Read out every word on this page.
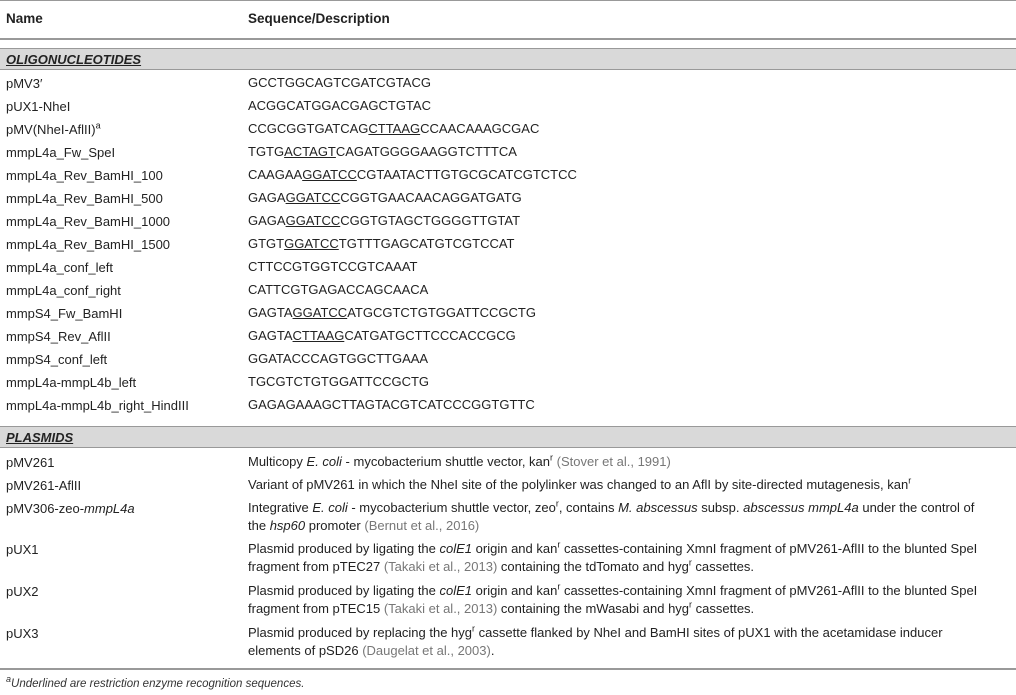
Name	Sequence/Description
OLIGONUCLEOTIDES
pMV3′	GCCTGGCAGTCGATCGTACG
pUX1-NheI	ACGGCATGGACGAGCTGTAC
pMV(NheI-AflII)$^a$	CCGCGGTGATCAGCTTAAGCCAACAAAGCGAC
mmpL4a_Fw_SpeI	TGTGACTAGTCAGATGGGGAAGGTCTTTCA
mmpL4a_Rev_BamHI_100	CAAGAAGGATCCCGTAATACTTGTGCGCATCGTCTCC
mmpL4a_Rev_BamHI_500	GAGAGGATCCCGGTGAACAACAGGATGATG
mmpL4a_Rev_BamHI_1000	GAGAGGATCCCGGTGTAGCTGGGGTTGTAT
mmpL4a_Rev_BamHI_1500	GTGTGGATCCTGTTTGAGCATGTCGTCCAT
mmpL4a_conf_left	CTTCCGTGGTCCGTCAAAT
mmpL4a_conf_right	CATTCGTGAGACCAGCAACA
mmpS4_Fw_BamHI	GAGTAGGATCCATGCGTCTGTGGATTCCGCTG
mmpS4_Rev_AflII	GAGTACTTAAGCATGATGCTTCCCACCGCG
mmpS4_conf_left	GGATACCCAGTGGCTTGAAA
mmpL4a-mmpL4b_left	TGCGTCTGTGGATTCCGCTG
mmpL4a-mmpL4b_right_HindIII	GAGAGAAAGCTTAGTACGTCATCCCGGTGTTC
PLASMIDS
pMV261	Multicopy E. coli - mycobacterium shuttle vector, kan$^r$ (Stover et al., 1991)
pMV261-AflII	Variant of pMV261 in which the NheI site of the polylinker was changed to an AflI by site-directed mutagenesis, kan$^r$
pMV306-zeo-mmpL4a	Integrative E. coli - mycobacterium shuttle vector, zeo$^r$, contains M. abscessus subsp. abscessus mmpL4a under the control of
the hsp60 promoter (Bernut et al., 2016)
pUX1	Plasmid produced by ligating the colE1 origin and kan$^r$ cassettes-containing XmnI fragment of pMV261-AflII to the blunted SpeI
fragment from pTEC27 (Takaki et al., 2013) containing the tdTomato and hyg$^r$ cassettes.
pUX2	Plasmid produced by ligating the colE1 origin and kan$^r$ cassettes-containing XmnI fragment of pMV261-AflII to the blunted SpeI
fragment from pTEC15 (Takaki et al., 2013) containing the mWasabi and hyg$^r$ cassettes.
pUX3	Plasmid produced by replacing the hyg$^r$ cassette flanked by NheI and BamHI sites of pUX1 with the acetamidase inducer
elements of pSD26 (Daugelat et al., 2003).
$^a$Underlined are restriction enzyme recognition sequences.
